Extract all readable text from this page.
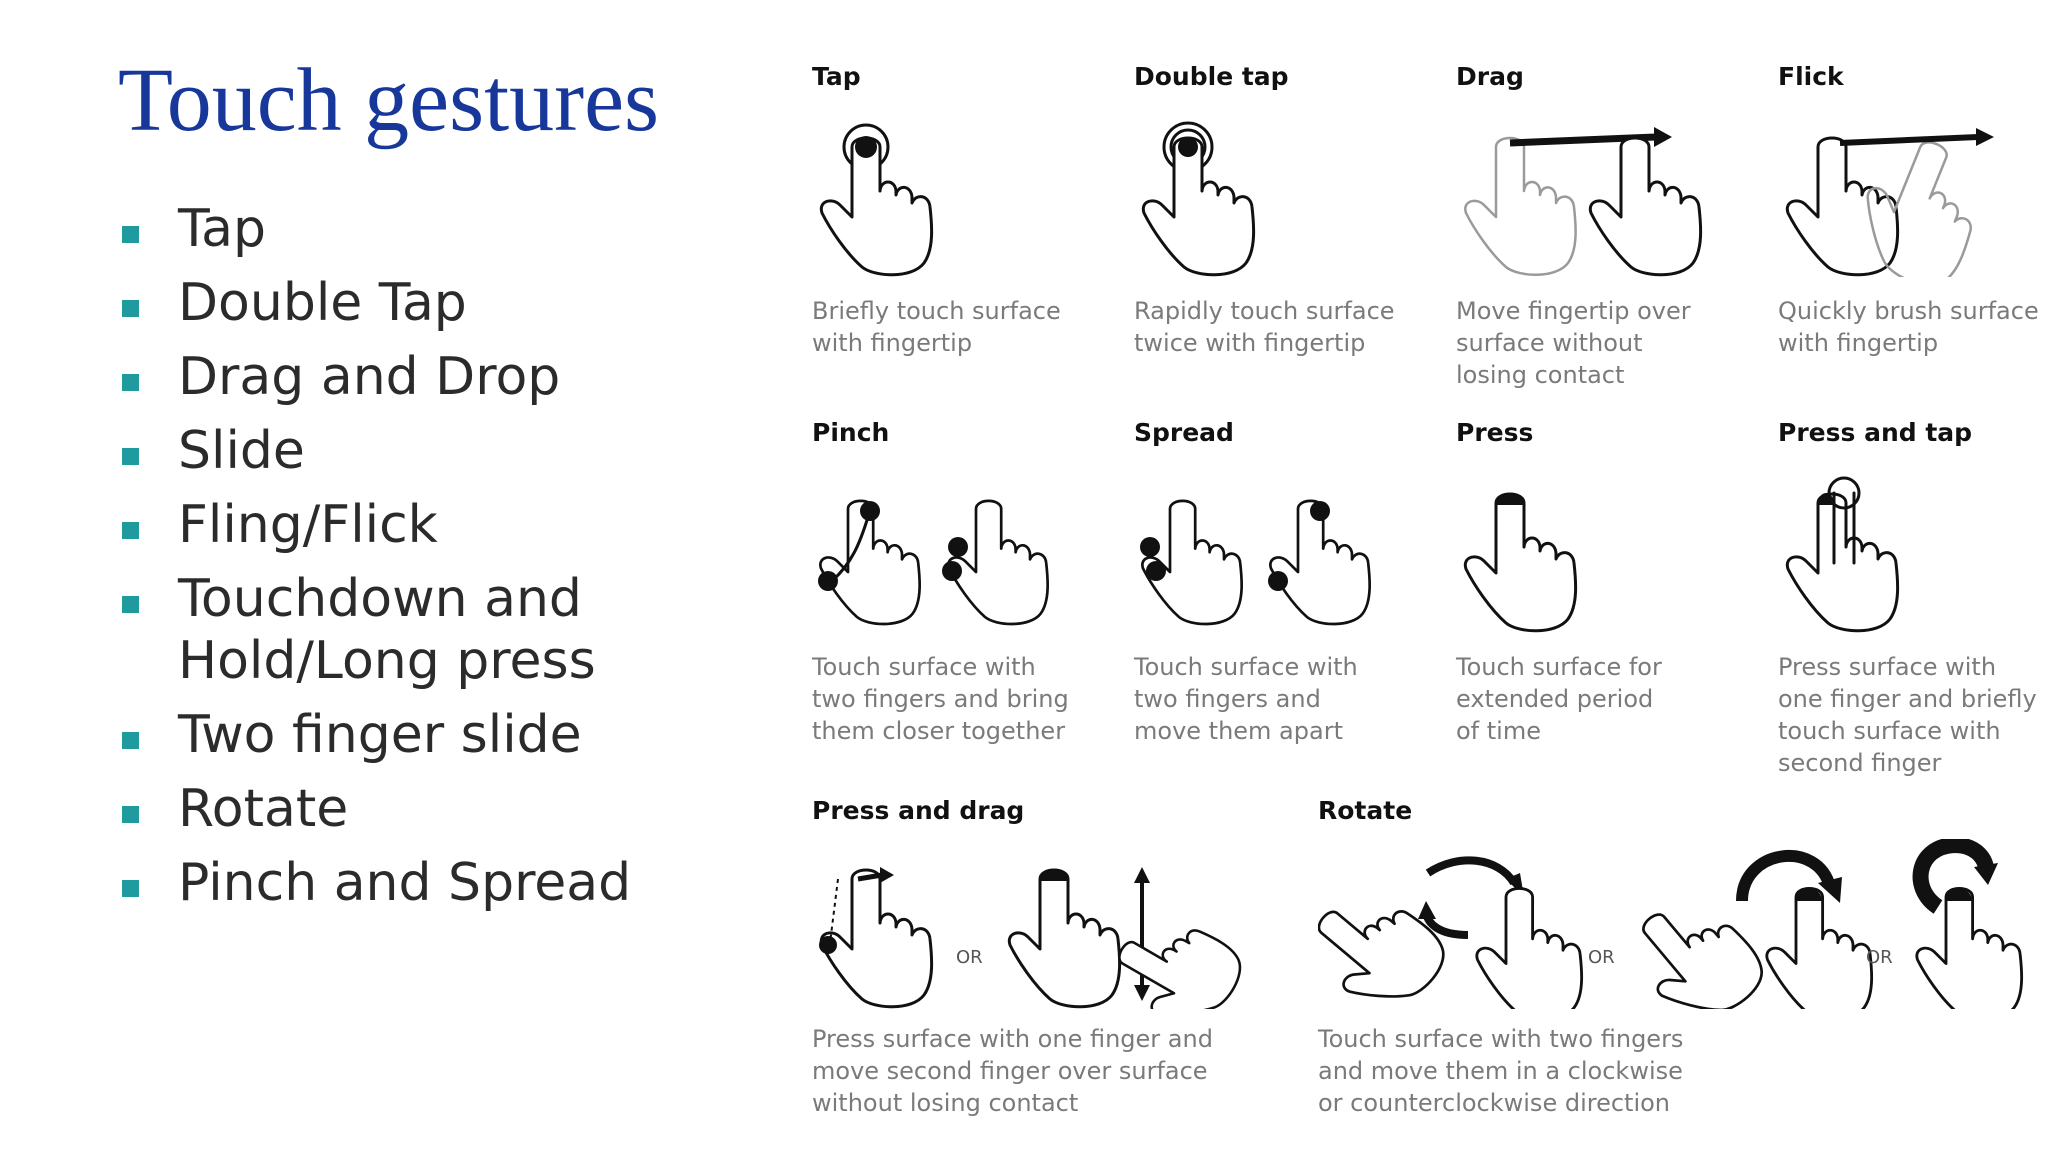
Touch gestures
Tap
Double Tap
Drag and Drop
Slide
Fling/Flick
Touchdown and
Hold/Long press
Two finger slide
Rotate
Pinch and Spread
Tap
Briefly touch surface
with fingertip
Double tap
Rapidly touch surface
twice with fingertip
Drag
Move fingertip over
surface without
losing contact
Flick
Quickly brush surface
with fingertip
Pinch
Touch surface with
two fingers and bring
them closer together
Spread
Touch surface with
two fingers and
move them apart
Press
Touch surface for
extended period
of time
Press and tap
Press surface with
one finger and briefly
touch surface with
second finger
Press and drag
OR
Press surface with one finger and
move second finger over surface
without losing contact
Rotate
OR	OR
Touch surface with two fingers
and move them in a clockwise
or counterclockwise direction
